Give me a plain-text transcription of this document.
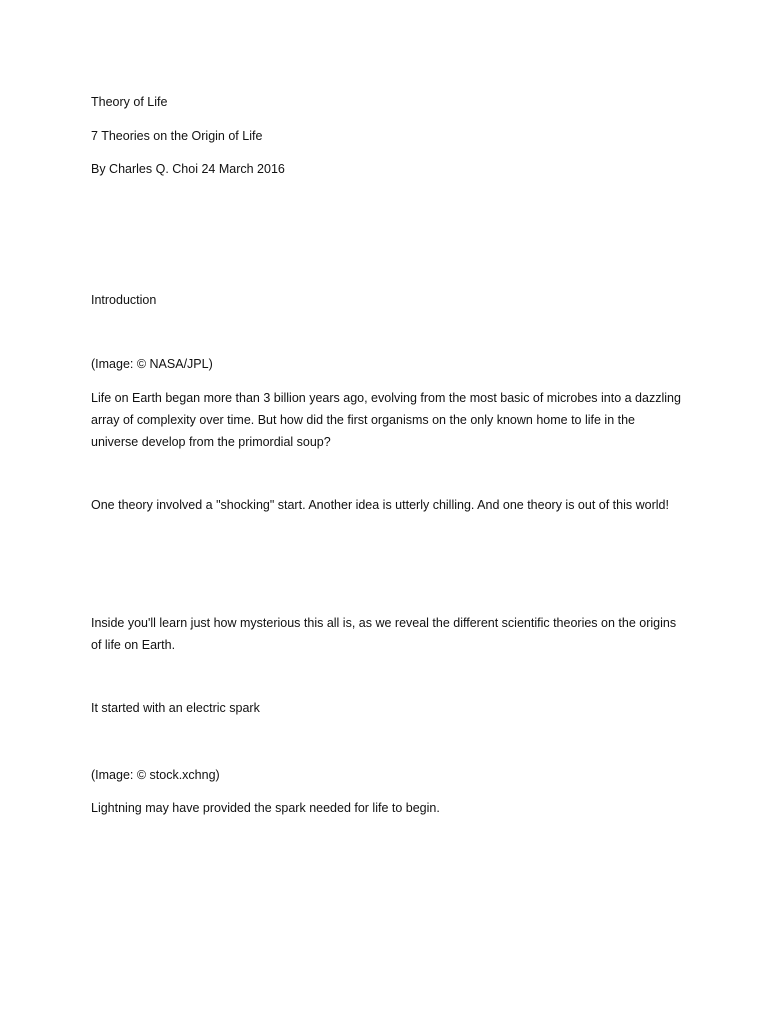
Theory of Life

7 Theories on the Origin of Life

By Charles Q. Choi 24 March 2016

Introduction

(Image: © NASA/JPL)

Life on Earth began more than 3 billion years ago, evolving from the most basic of microbes into a dazzling array of complexity over time. But how did the first organisms on the only known home to life in the universe develop from the primordial soup?

One theory involved a "shocking" start. Another idea is utterly chilling. And one theory is out of this world!

Inside you'll learn just how mysterious this all is, as we reveal the different scientific theories on the origins of life on Earth.

It started with an electric spark

(Image: © stock.xchng)

Lightning may have provided the spark needed for life to begin.
